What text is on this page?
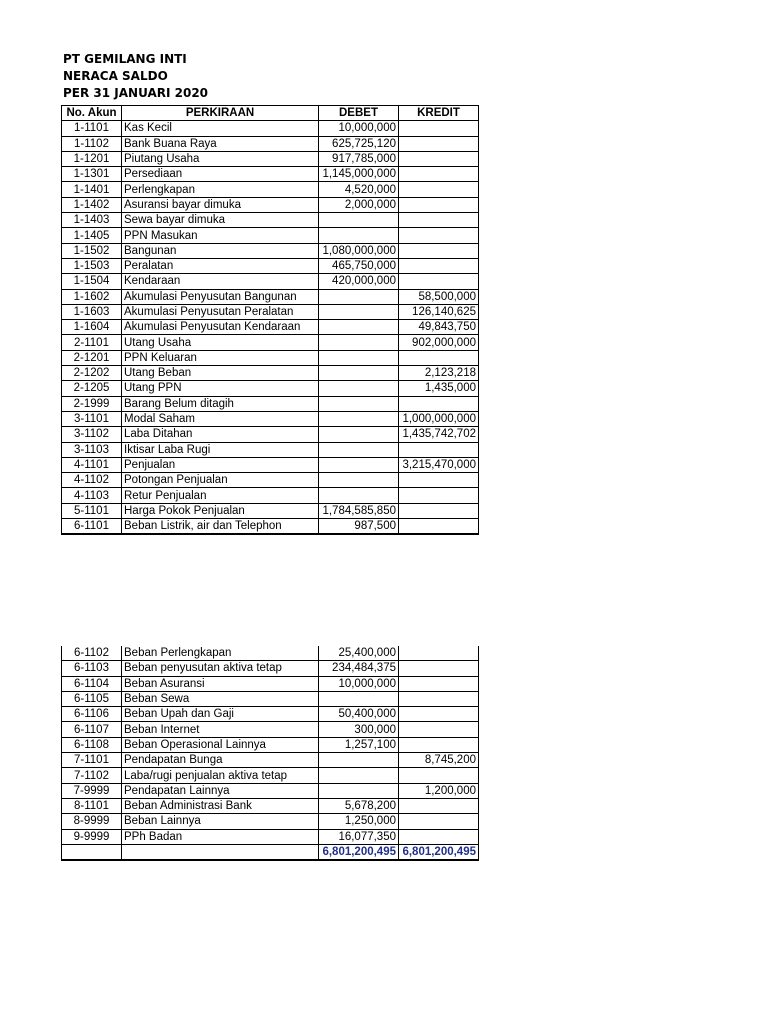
PT GEMILANG INTI
NERACA SALDO
PER 31 JANUARI 2020
No. Akun	PERKIRAAN	DEBET	KREDIT
1-1101	Kas Kecil	10,000,000	
1-1102	Bank Buana Raya	625,725,120	
1-1201	Piutang Usaha	917,785,000	
1-1301	Persediaan	1,145,000,000	
1-1401	Perlengkapan	4,520,000	
1-1402	Asuransi bayar dimuka	2,000,000	
1-1403	Sewa bayar dimuka		
1-1405	PPN Masukan		
1-1502	Bangunan	1,080,000,000	
1-1503	Peralatan	465,750,000	
1-1504	Kendaraan	420,000,000	
1-1602	Akumulasi Penyusutan Bangunan		58,500,000
1-1603	Akumulasi Penyusutan Peralatan		126,140,625
1-1604	Akumulasi Penyusutan Kendaraan		49,843,750
2-1101	Utang Usaha		902,000,000
2-1201	PPN Keluaran		
2-1202	Utang Beban		2,123,218
2-1205	Utang PPN		1,435,000
2-1999	Barang Belum ditagih		
3-1101	Modal Saham		1,000,000,000
3-1102	Laba Ditahan		1,435,742,702
3-1103	Iktisar Laba Rugi		
4-1101	Penjualan		3,215,470,000
4-1102	Potongan Penjualan		
4-1103	Retur Penjualan		
5-1101	Harga Pokok Penjualan	1,784,585,850	
6-1101	Beban Listrik, air dan Telephon	987,500	
6-1102	Beban Perlengkapan	25,400,000	
6-1103	Beban penyusutan aktiva tetap	234,484,375	
6-1104	Beban Asuransi	10,000,000	
6-1105	Beban Sewa		
6-1106	Beban Upah dan Gaji	50,400,000	
6-1107	Beban Internet	300,000	
6-1108	Beban Operasional Lainnya	1,257,100	
7-1101	Pendapatan Bunga		8,745,200
7-1102	Laba/rugi penjualan aktiva tetap		
7-9999	Pendapatan Lainnya		1,200,000
8-1101	Beban Administrasi Bank	5,678,200	
8-9999	Beban Lainnya	1,250,000	
9-9999	PPh Badan	16,077,350	
		6,801,200,495	6,801,200,495
